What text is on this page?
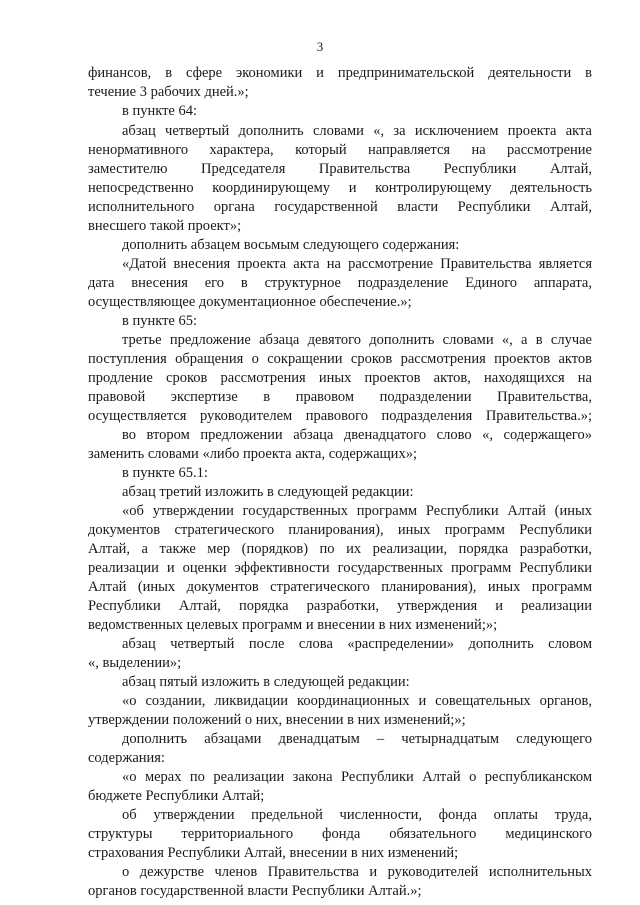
3
финансов, в сфере экономики и предпринимательской деятельности в
течение 3 рабочих дней.»;
в пункте 64:
абзац четвертый дополнить словами «, за исключением проекта акта
ненормативного характера, который направляется на рассмотрение
заместителю Председателя Правительства Республики Алтай,
непосредственно координирующему и контролирующему деятельность
исполнительного органа государственной власти Республики Алтай,
внесшего такой проект»;
дополнить абзацем восьмым следующего содержания:
«Датой внесения проекта акта на рассмотрение Правительства является
дата внесения его в структурное подразделение Единого аппарата,
осуществляющее документационное обеспечение.»;
в пункте 65:
третье предложение абзаца девятого дополнить словами «, а в случае
поступления обращения о сокращении сроков рассмотрения проектов актов
продление сроков рассмотрения иных проектов актов, находящихся на
правовой экспертизе в правовом подразделении Правительства,
осуществляется руководителем правового подразделения Правительства.»;
во втором предложении абзаца двенадцатого слово «, содержащего»
заменить словами «либо проекта акта, содержащих»;
в пункте 65.1:
абзац третий изложить в следующей редакции:
«об утверждении государственных программ Республики Алтай (иных
документов стратегического планирования), иных программ Республики
Алтай, а также мер (порядков) по их реализации, порядка разработки,
реализации и оценки эффективности государственных программ Республики
Алтай (иных документов стратегического планирования), иных программ
Республики Алтай, порядка разработки, утверждения и реализации
ведомственных целевых программ и внесении в них изменений;»;
абзац четвертый после слова «распределении» дополнить словом
«, выделении»;
абзац пятый изложить в следующей редакции:
«о создании, ликвидации координационных и совещательных органов,
утверждении положений о них, внесении в них изменений;»;
дополнить абзацами двенадцатым – четырнадцатым следующего
содержания:
«о мерах по реализации закона Республики Алтай о республиканском
бюджете Республики Алтай;
об утверждении предельной численности, фонда оплаты труда,
структуры территориального фонда обязательного медицинского
страхования Республики Алтай, внесении в них изменений;
о дежурстве членов Правительства и руководителей исполнительных
органов государственной власти Республики Алтай.»;
